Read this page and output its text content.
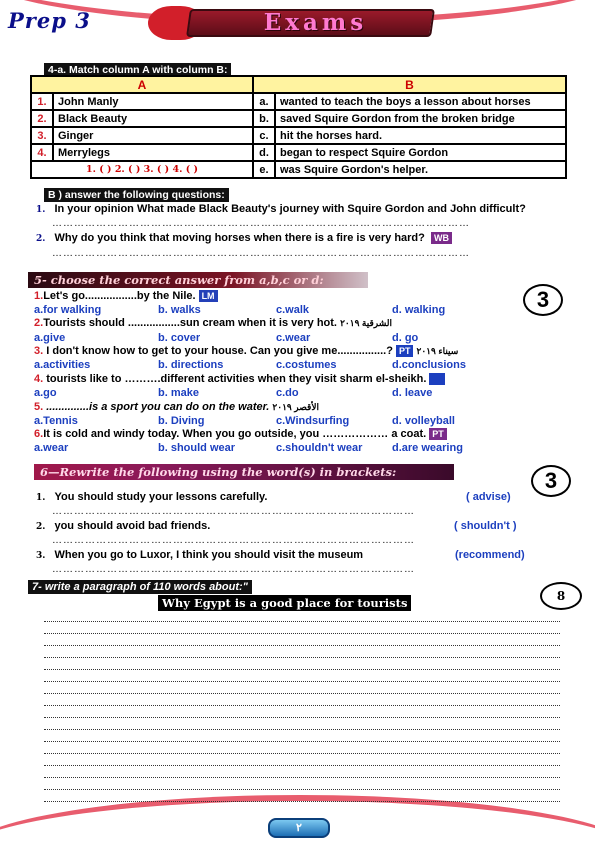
Prep 3	Exams
4-a. Match column A with column B:
A		B	
1.	John Manly	a.	wanted to teach the boys a lesson about horses
2.	Black Beauty	b.	saved Squire Gordon from the broken bridge
3.	Ginger	c.	hit the horses hard.
4.	Merrylegs	d.	began to respect Squire Gordon
1. ( ) 2. ( ) 3. ( ) 4. ( )		e.	was Squire Gordon's helper.
B ) answer the following questions:
1. In your opinion What made Black Beauty's journey with Squire Gordon and John difficult?
……………………………………………………………………………………………………
2. Why do you think that moving horses when there is a fire is very hard? WB
……………………………………………………………………………………………………
5- choose the correct answer from a,b,c or d:
3
1.Let's go.................by the Nile. LM
a.for walking	b. walks	c.walk	d. walking
2.Tourists should .................sun cream when it is very hot. الشرقية ٢٠١٩
a.give	b. cover	c.wear	d. go
3. I don't know how to get to your house. Can you give me................? PT سيناء ٢٠١٩
a.activities	b. directions	c.costumes	d.conclusions
4. tourists like to ……….different activities when they visit sharm el-sheikh.
a.go	b. make	c.do	d. leave
5. ..............is a sport you can do on the water. الأقصر ٢٠١٩
a.Tennis	b. Diving	c.Windsurfing	d. volleyball
6.It is cold and windy today. When you go outside, you ……………… a coat. PT
a.wear	b. should wear	c.shouldn't wear	d.are wearing
6—Rewrite the following using the word(s) in brackets:	3
1. You should study your lessons carefully.	( advise)
………………………………………………………………………………………
2. you should avoid bad friends.	( shouldn't )
………………………………………………………………………………………
3. When you go to Luxor, I think you should visit the museum	(recommend)
………………………………………………………………………………………
7- write a paragraph of 110 words about:"
Why Egypt is a good place for tourists	8
٢
